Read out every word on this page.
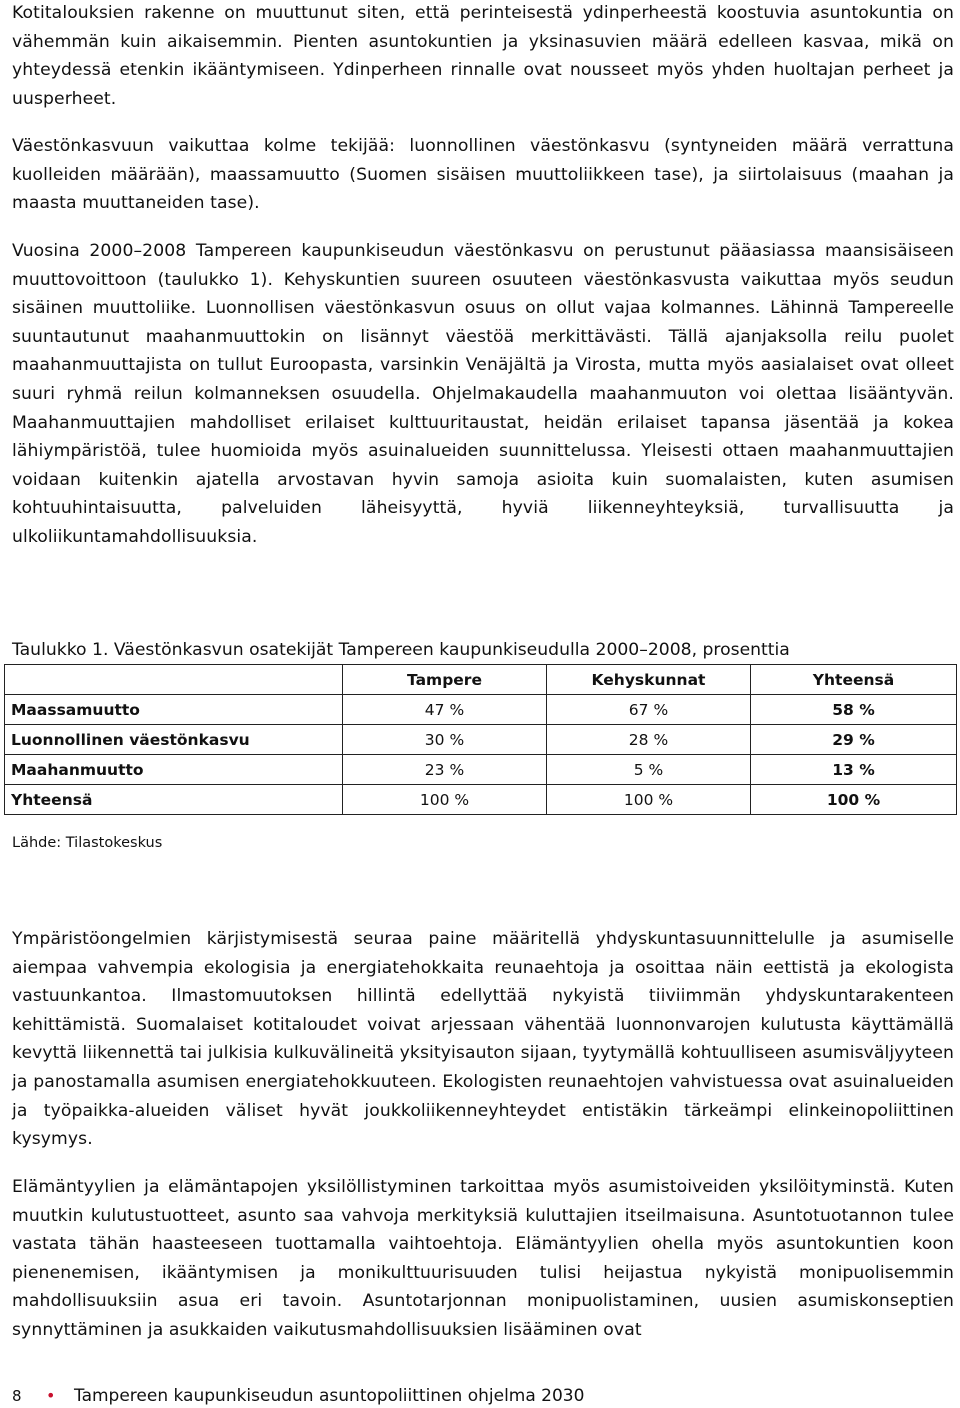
Kotitalouksien rakenne on muuttunut siten, että perinteisestä ydinperheestä koostuvia asuntokuntia on vähemmän kuin aikaisemmin. Pienten asuntokuntien ja yksinasuvien määrä edelleen kasvaa, mikä on yhteydessä etenkin ikääntymiseen. Ydinperheen rinnalle ovat nousseet myös yhden huoltajan perheet ja uusperheet.

Väestönkasvuun vaikuttaa kolme tekijää: luonnollinen väestönkasvu (syntyneiden määrä verrattuna kuolleiden määrään), maassamuutto (Suomen sisäisen muuttoliikkeen tase), ja siirtolaisuus (maahan ja maasta muuttaneiden tase).

Vuosina 2000–2008 Tampereen kaupunkiseudun väestönkasvu on perustunut pääasiassa maansisäiseen muuttovoittoon (taulukko 1). Kehyskuntien suureen osuuteen väestönkasvusta vaikuttaa myös seudun sisäinen muuttoliike. Luonnollisen väestönkasvun osuus on ollut vajaa kolmannes. Lähinnä Tampereelle suuntautunut maahanmuuttokin on lisännyt väestöä merkittävästi. Tällä ajanjaksolla reilu puolet maahanmuuttajista on tullut Euroopasta, varsinkin Venäjältä ja Virosta, mutta myös aasialaiset ovat olleet suuri ryhmä reilun kolmanneksen osuudella. Ohjelmakaudella maahanmuuton voi olettaa lisääntyvän. Maahanmuuttajien mahdolliset erilaiset kulttuuritaustat, heidän erilaiset tapansa jäsentää ja kokea lähiympäristöä, tulee huomioida myös asuinalueiden suunnittelussa. Yleisesti ottaen maahanmuuttajien voidaan kuitenkin ajatella arvostavan hyvin samoja asioita kuin suomalaisten, kuten asumisen kohtuuhintaisuutta, palveluiden läheisyyttä, hyviä liikenneyhteyksiä, turvallisuutta ja ulkoliikuntamahdollisuuksia.

Taulukko 1. Väestönkasvun osatekijät Tampereen kaupunkiseudulla 2000–2008, prosenttia
	Tampere	Kehyskunnat	Yhteensä
Maassamuutto	47 %	67 %	58 %
Luonnollinen väestönkasvu	30 %	28 %	29 %
Maahanmuutto	23 %	5 %	13 %
Yhteensä	100 %	100 %	100 %
Lähde: Tilastokeskus

Ympäristöongelmien kärjistymisestä seuraa paine määritellä yhdyskuntasuunnittelulle ja asumiselle aiempaa vahvempia ekologisia ja energiatehokkaita reunaehtoja ja osoittaa näin eettistä ja ekologista vastuunkantoa. Ilmastomuutoksen hillintä edellyttää nykyistä tiiviimmän yhdyskuntarakenteen kehittämistä. Suomalaiset kotitaloudet voivat arjessaan vähentää luonnonvarojen kulutusta käyttämällä kevyttä liikennettä tai julkisia kulkuvälineitä yksityisauton sijaan, tyytymällä kohtuulliseen asumisväljyyteen ja panostamalla asumisen energiatehokkuuteen. Ekologisten reunaehtojen vahvistuessa ovat asuinalueiden ja työpaikka-alueiden väliset hyvät joukkoliikenneyhteydet entistäkin tärkeämpi elinkeinopoliittinen kysymys.

Elämäntyylien ja elämäntapojen yksilöllistyminen tarkoittaa myös asumistoiveiden yksilöityminstä. Kuten muutkin kulutustuotteet, asunto saa vahvoja merkityksiä kuluttajien itseilmaisuna. Asuntotuotannon tulee vastata tähän haasteeseen tuottamalla vaihtoehtoja. Elämäntyylien ohella myös asuntokuntien koon pienenemisen, ikääntymisen ja monikulttuurisuuden tulisi heijastua nykyistä monipuolisemmin mahdollisuuksiin asua eri tavoin. Asuntotarjonnan monipuolistaminen, uusien asumiskonseptien synnyttäminen ja asukkaiden vaikutusmahdollisuuksien lisääminen ovat

8 • Tampereen kaupunkiseudun asuntopoliittinen ohjelma 2030
